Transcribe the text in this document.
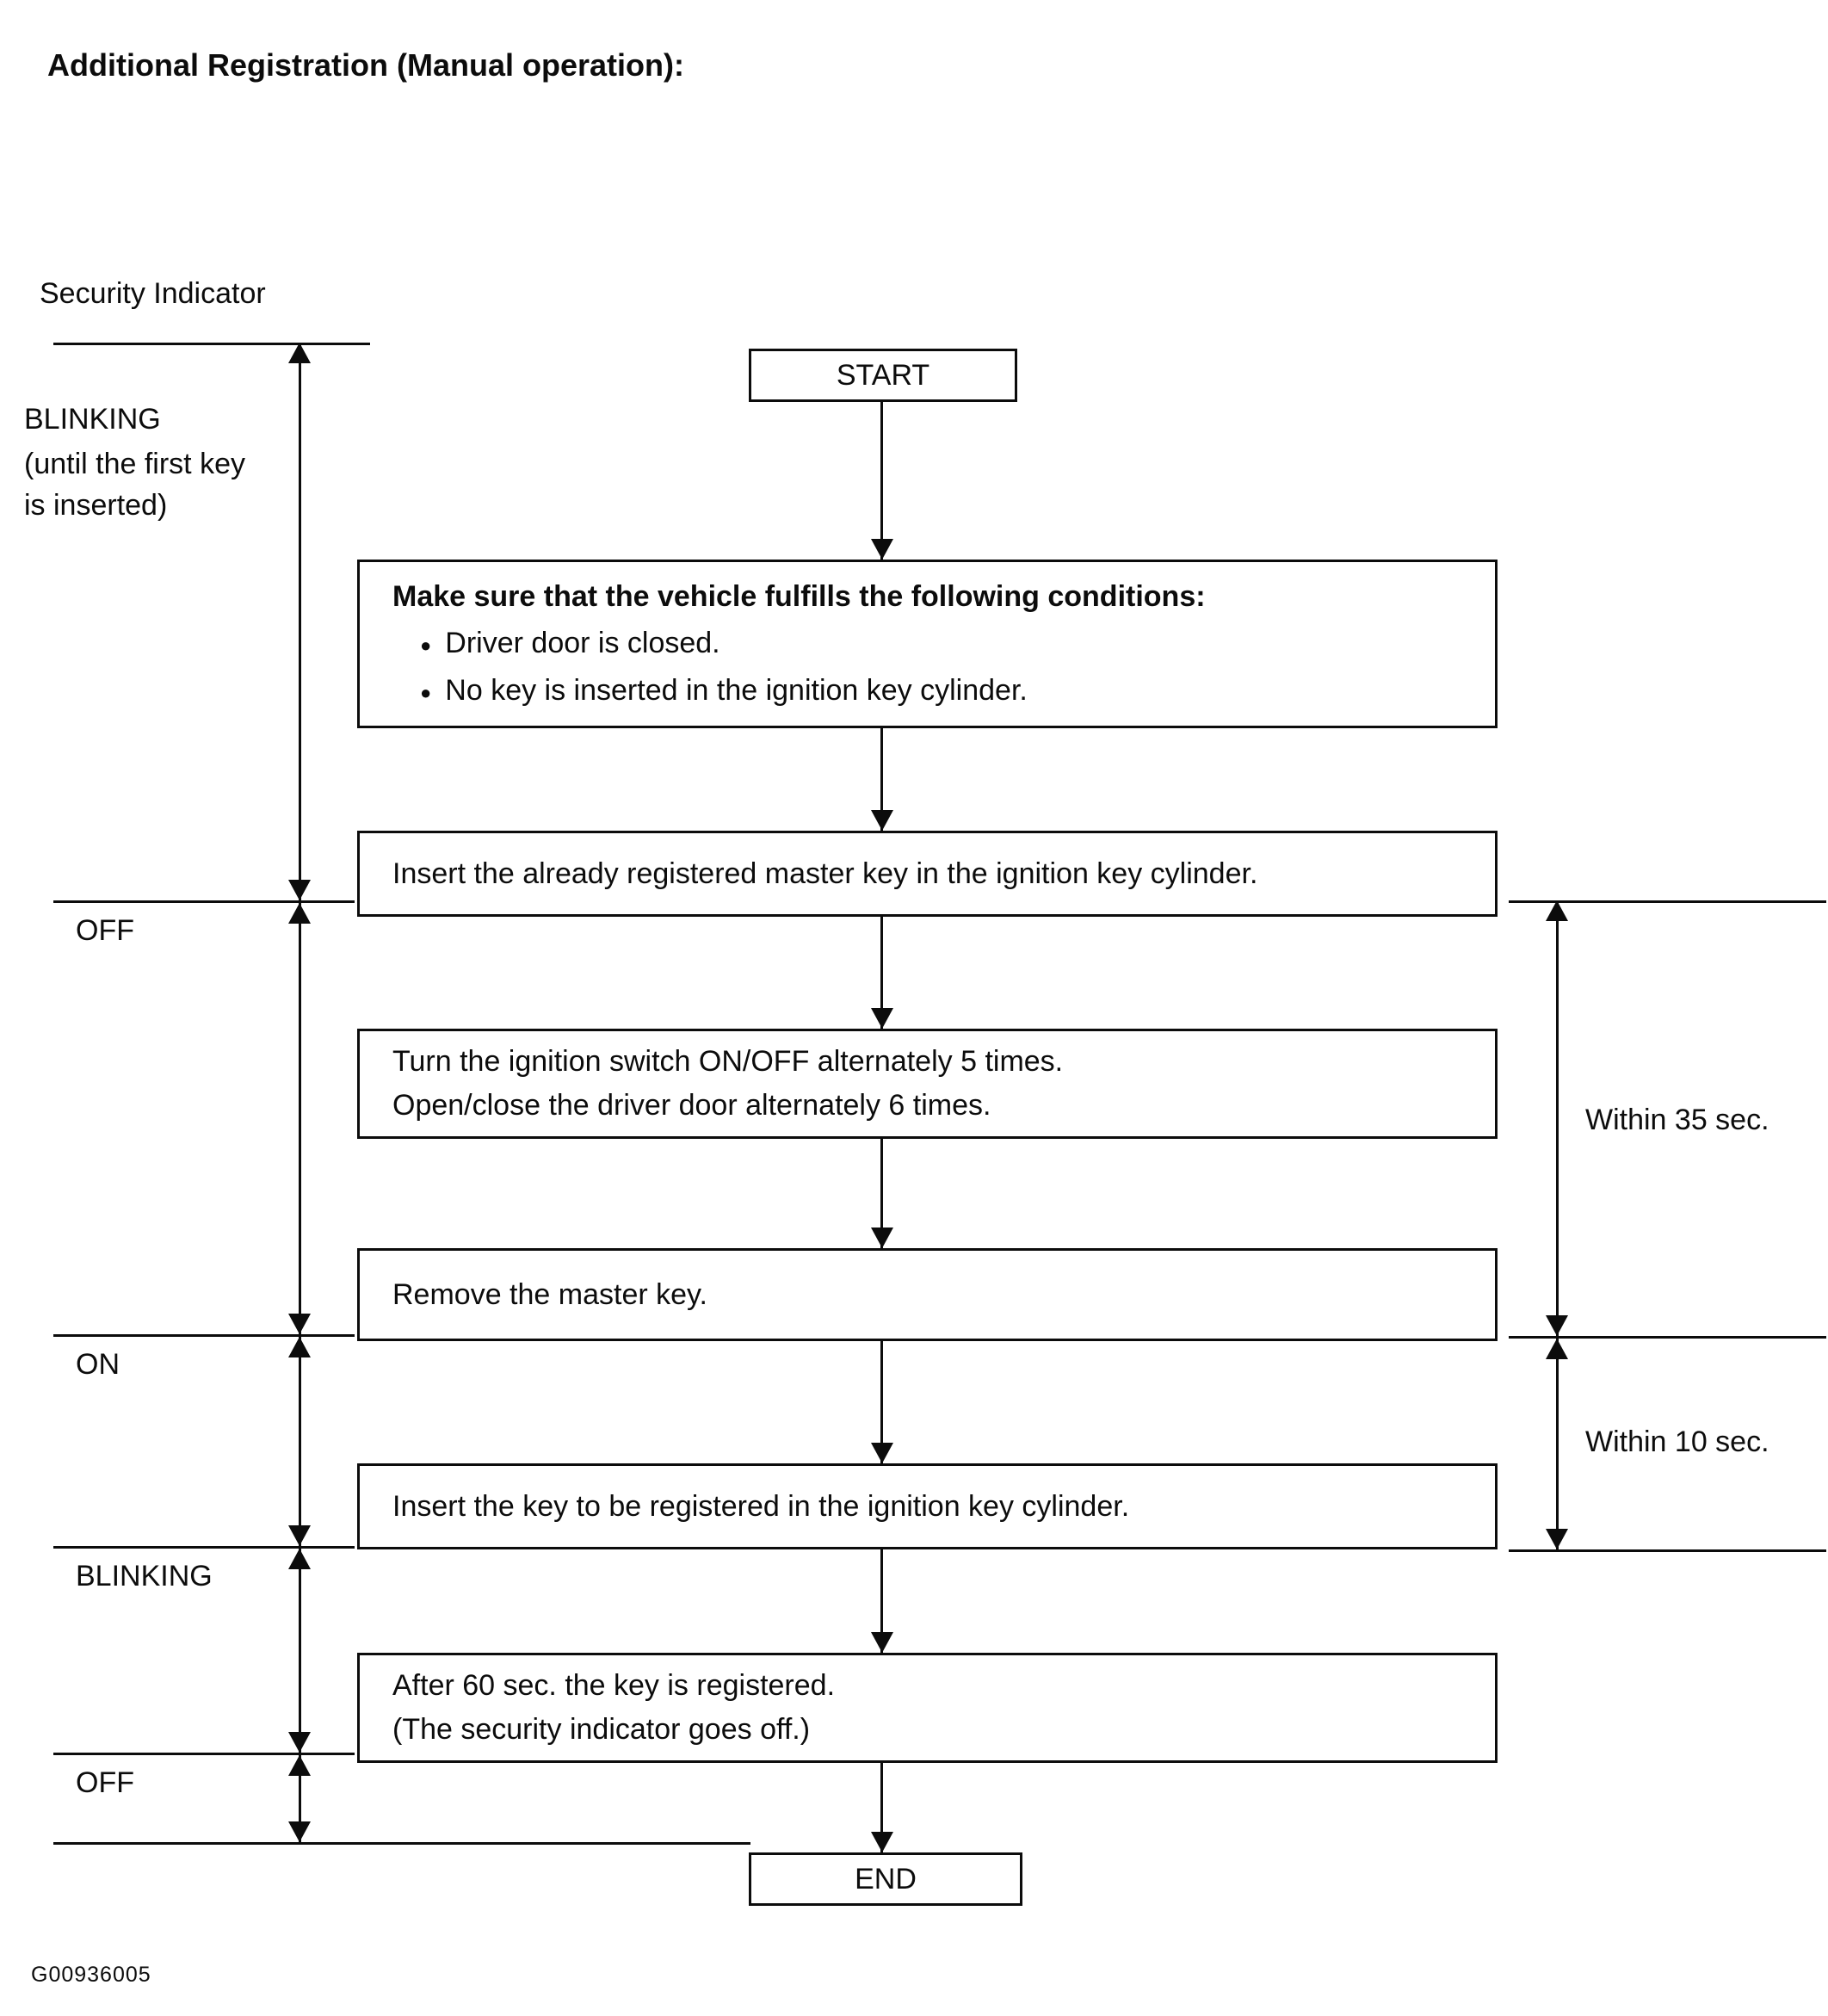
Additional Registration (Manual operation):
Security Indicator
BLINKING
(until the first key
is inserted)
OFF
ON
BLINKING
OFF
START
Make sure that the vehicle fulfills the following conditions:
● Driver door is closed.
● No key is inserted in the ignition key cylinder.
Insert the already registered master key in the ignition key cylinder.
Turn the ignition switch ON/OFF alternately 5 times.
Open/close the driver door alternately 6 times.
Remove the master key.
Insert the key to be registered in the ignition key cylinder.
After 60 sec. the key is registered.
(The security indicator goes off.)
END
Within 35 sec.
Within 10 sec.
G00936005
